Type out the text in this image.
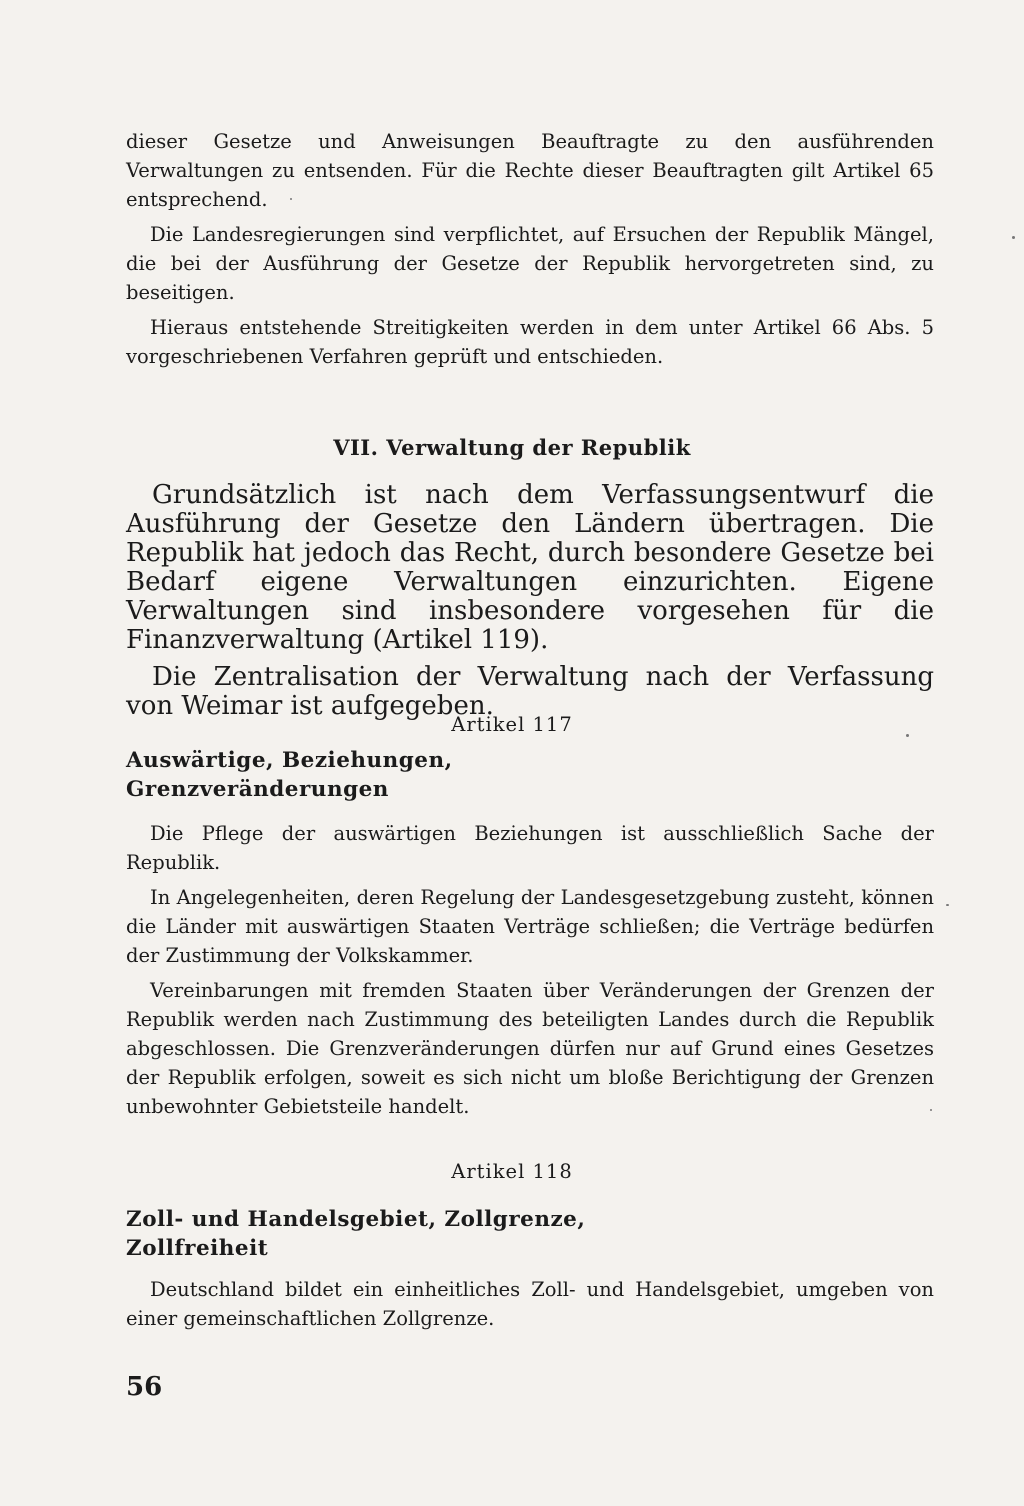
dieser Gesetze und Anweisungen Beauftragte zu den ausführenden Verwaltungen zu entsenden. Für die Rechte dieser Beauftragten gilt Artikel 65 entsprechend.

Die Landesregierungen sind verpflichtet, auf Ersuchen der Republik Mängel, die bei der Ausführung der Gesetze der Republik hervorgetreten sind, zu beseitigen.

Hieraus entstehende Streitigkeiten werden in dem unter Artikel 66 Abs. 5 vorgeschriebenen Verfahren geprüft und entschieden.

VII. Verwaltung der Republik

Grundsätzlich ist nach dem Verfassungsentwurf die Ausführung der Gesetze den Ländern übertragen. Die Republik hat jedoch das Recht, durch besondere Gesetze bei Bedarf eigene Verwaltungen einzurichten. Eigene Verwaltungen sind insbesondere vorgesehen für die Finanzverwaltung (Artikel 119).

Die Zentralisation der Verwaltung nach der Verfassung von Weimar ist aufgegeben.

Artikel 117
Auswärtige, Beziehungen,
Grenzveränderungen

Die Pflege der auswärtigen Beziehungen ist ausschließlich Sache der Republik.

In Angelegenheiten, deren Regelung der Landesgesetzgebung zusteht, können die Länder mit auswärtigen Staaten Verträge schließen; die Verträge bedürfen der Zustimmung der Volkskammer.

Vereinbarungen mit fremden Staaten über Veränderungen der Grenzen der Republik werden nach Zustimmung des beteiligten Landes durch die Republik abgeschlossen. Die Grenzveränderungen dürfen nur auf Grund eines Gesetzes der Republik erfolgen, soweit es sich nicht um bloße Berichtigung der Grenzen unbewohnter Gebietsteile handelt.

Artikel 118
Zoll- und Handelsgebiet, Zollgrenze,
Zollfreiheit

Deutschland bildet ein einheitliches Zoll- und Handelsgebiet, umgeben von einer gemeinschaftlichen Zollgrenze.

56
